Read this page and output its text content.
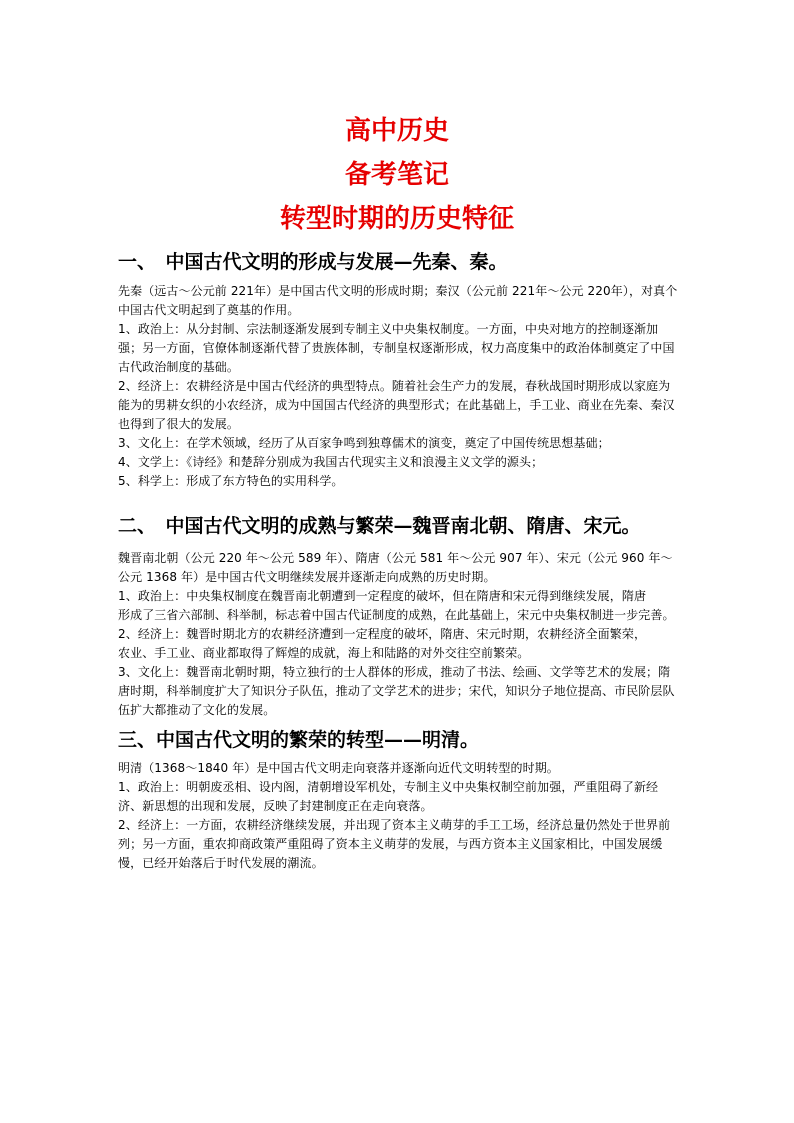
高中历史
备考笔记
转型时期的历史特征
一、　中国古代文明的形成与发展—先秦、秦。

先秦（远古～公元前 221年）是中国古代文明的形成时期；秦汉（公元前 221年～公元 220年），对真个中国古代文明起到了奠基的作用。

1、政治上：从分封制、宗法制逐渐发展到专制主义中央集权制度。一方面，中央对地方的控制逐渐加强；另一方面，官僚体制逐渐代替了贵族体制，专制皇权逐渐形成，权力高度集中的政治体制奠定了中国古代政治制度的基础。

2、经济上：农耕经济是中国古代经济的典型特点。随着社会生产力的发展，春秋战国时期形成以家庭为能为的男耕女织的小农经济，成为中国国古代经济的典型形式；在此基础上，手工业、商业在先秦、秦汉也得到了很大的发展。

3、文化上：在学术领域，经历了从百家争鸣到独尊儒术的演变，奠定了中国传统思想基础；

4、文学上：《诗经》和楚辞分别成为我国古代现实主义和浪漫主义文学的源头；

5、科学上：形成了东方特色的实用科学。

二、　中国古代文明的成熟与繁荣—魏晋南北朝、隋唐、宋元。

魏晋南北朝（公元 220 年～公元 589 年）、隋唐（公元 581 年～公元 907 年）、宋元（公元 960 年～公元 1368 年）是中国古代文明继续发展并逐渐走向成熟的历史时期。

1、政治上：中央集权制度在魏晋南北朝遭到一定程度的破坏，但在隋唐和宋元得到继续发展，隋唐

形成了三省六部制、科举制，标志着中国古代证制度的成熟，在此基础上，宋元中央集权制进一步完善。

2、经济上：魏晋时期北方的农耕经济遭到一定程度的破坏，隋唐、宋元时期，农耕经济全面繁荣，

农业、手工业、商业都取得了辉煌的成就，海上和陆路的对外交往空前繁荣。

3、文化上：魏晋南北朝时期，特立独行的士人群体的形成，推动了书法、绘画、文学等艺术的发展；隋唐时期，科举制度扩大了知识分子队伍，推动了文学艺术的进步；宋代，知识分子地位提高、市民阶层队伍扩大都推动了文化的发展。

三、中国古代文明的繁荣的转型——明清。

明清（1368～1840 年）是中国古代文明走向衰落并逐渐向近代文明转型的时期。

1、政治上：明朝废丞相、设内阁，清朝增设军机处，专制主义中央集权制空前加强，严重阻碍了新经济、新思想的出现和发展，反映了封建制度正在走向衰落。

2、经济上：一方面，农耕经济继续发展，并出现了资本主义萌芽的手工工场，经济总量仍然处于世界前列；另一方面，重农抑商政策严重阻碍了资本主义萌芽的发展，与西方资本主义国家相比，中国发展缓慢，已经开始落后于时代发展的潮流。
